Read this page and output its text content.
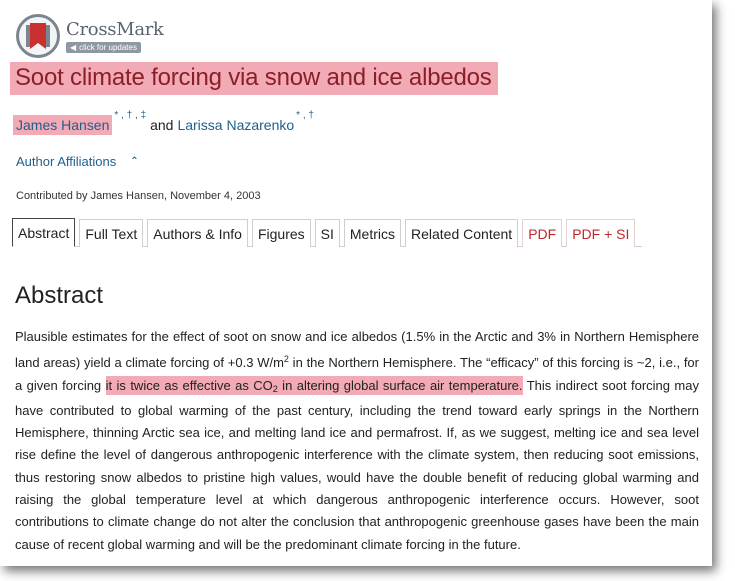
CrossMark
◀ click for updates
Soot climate forcing via snow and ice albedos
James Hansen
* , † , ‡
and Larissa Nazarenko
* , †
Author Affiliations ⌃
Contributed by James Hansen, November 4, 2003
Abstract	Full Text	Authors & Info	Figures	SI	Metrics	Related Content	PDF	PDF + SI
Abstract
Plausible estimates for the effect of soot on snow and ice albedos (1.5% in the Arctic and 3% in Northern Hemisphere land areas) yield a climate forcing of +0.3 $W/m^2$ in the Northern Hemisphere. The “efficacy” of this forcing is ~2, i.e., for a given forcing it is twice as effective as $CO_2$ in altering global surface air temperature. This indirect soot forcing may have contributed to global warming of the past century, including the trend toward early springs in the Northern Hemisphere, thinning Arctic sea ice, and melting land ice and permafrost. If, as we suggest, melting ice and sea level rise define the level of dangerous anthropogenic interference with the climate system, then reducing soot emissions, thus restoring snow albedos to pristine high values, would have the double benefit of reducing global warming and raising the global temperature level at which dangerous anthropogenic interference occurs. However, soot contributions to climate change do not alter the conclusion that anthropogenic greenhouse gases have been the main cause of recent global warming and will be the predominant climate forcing in the future.
